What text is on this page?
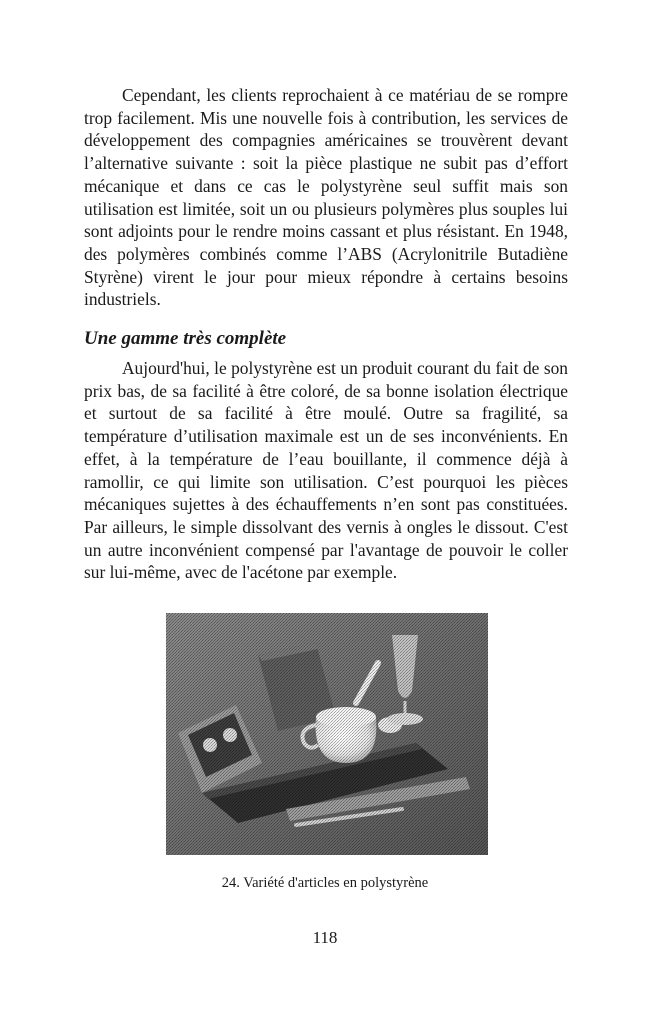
Cependant, les clients reprochaient à ce matériau de se rompre trop facilement. Mis une nouvelle fois à contribution, les services de développement des compagnies américaines se trouvèrent devant l’alternative suivante : soit la pièce plastique ne subit pas d’effort mécanique et dans ce cas le polystyrène seul suffit mais son utilisation est limitée, soit un ou plusieurs polymères plus souples lui sont adjoints pour le rendre moins cassant et plus résistant. En 1948, des polymères combinés comme l’ABS (Acrylonitrile Butadiène Styrène) virent le jour pour mieux répondre à certains besoins industriels.

Une gamme très complète

Aujourd'hui, le polystyrène est un produit courant du fait de son prix bas, de sa facilité à être coloré, de sa bonne isolation électrique et surtout de sa facilité à être moulé. Outre sa fragilité, sa température d’utilisation maximale est un de ses inconvénients. En effet, à la température de l’eau bouillante, il commence déjà à ramollir, ce qui limite son utilisation. C’est pourquoi les pièces mécaniques sujettes à des échauffements n’en sont pas constituées. Par ailleurs, le simple dissolvant des vernis à ongles le dissout. C'est un autre inconvénient compensé par l'avantage de pouvoir le coller sur lui-même, avec de l'acétone par exemple.

24. Variété d'articles en polystyrène
118
